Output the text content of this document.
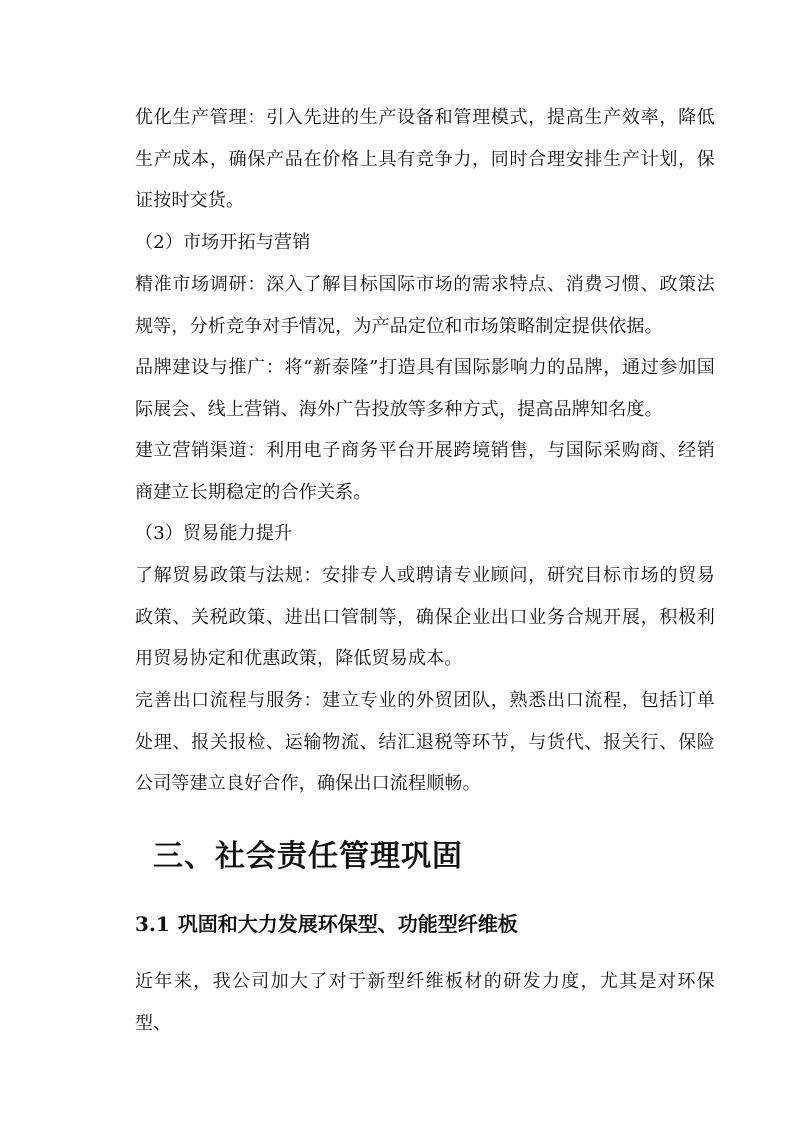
优化生产管理：引入先进的生产设备和管理模式，提高生产效率，降低生产成本，确保产品在价格上具有竞争力，同时合理安排生产计划，保证按时交货。

（2）市场开拓与营销

精准市场调研：深入了解目标国际市场的需求特点、消费习惯、政策法规等，分析竞争对手情况，为产品定位和市场策略制定提供依据。

品牌建设与推广：将“新泰隆”打造具有国际影响力的品牌，通过参加国际展会、线上营销、海外广告投放等多种方式，提高品牌知名度。

建立营销渠道：利用电子商务平台开展跨境销售，与国际采购商、经销商建立长期稳定的合作关系。

（3）贸易能力提升

了解贸易政策与法规：安排专人或聘请专业顾问，研究目标市场的贸易政策、关税政策、进出口管制等，确保企业出口业务合规开展，积极利用贸易协定和优惠政策，降低贸易成本。

完善出口流程与服务：建立专业的外贸团队，熟悉出口流程，包括订单处理、报关报检、运输物流、结汇退税等环节，与货代、报关行、保险公司等建立良好合作，确保出口流程顺畅。

三、社会责任管理巩固
3.1 巩固和大力发展环保型、功能型纤维板

近年来，我公司加大了对于新型纤维板材的研发力度，尤其是对环保型、
